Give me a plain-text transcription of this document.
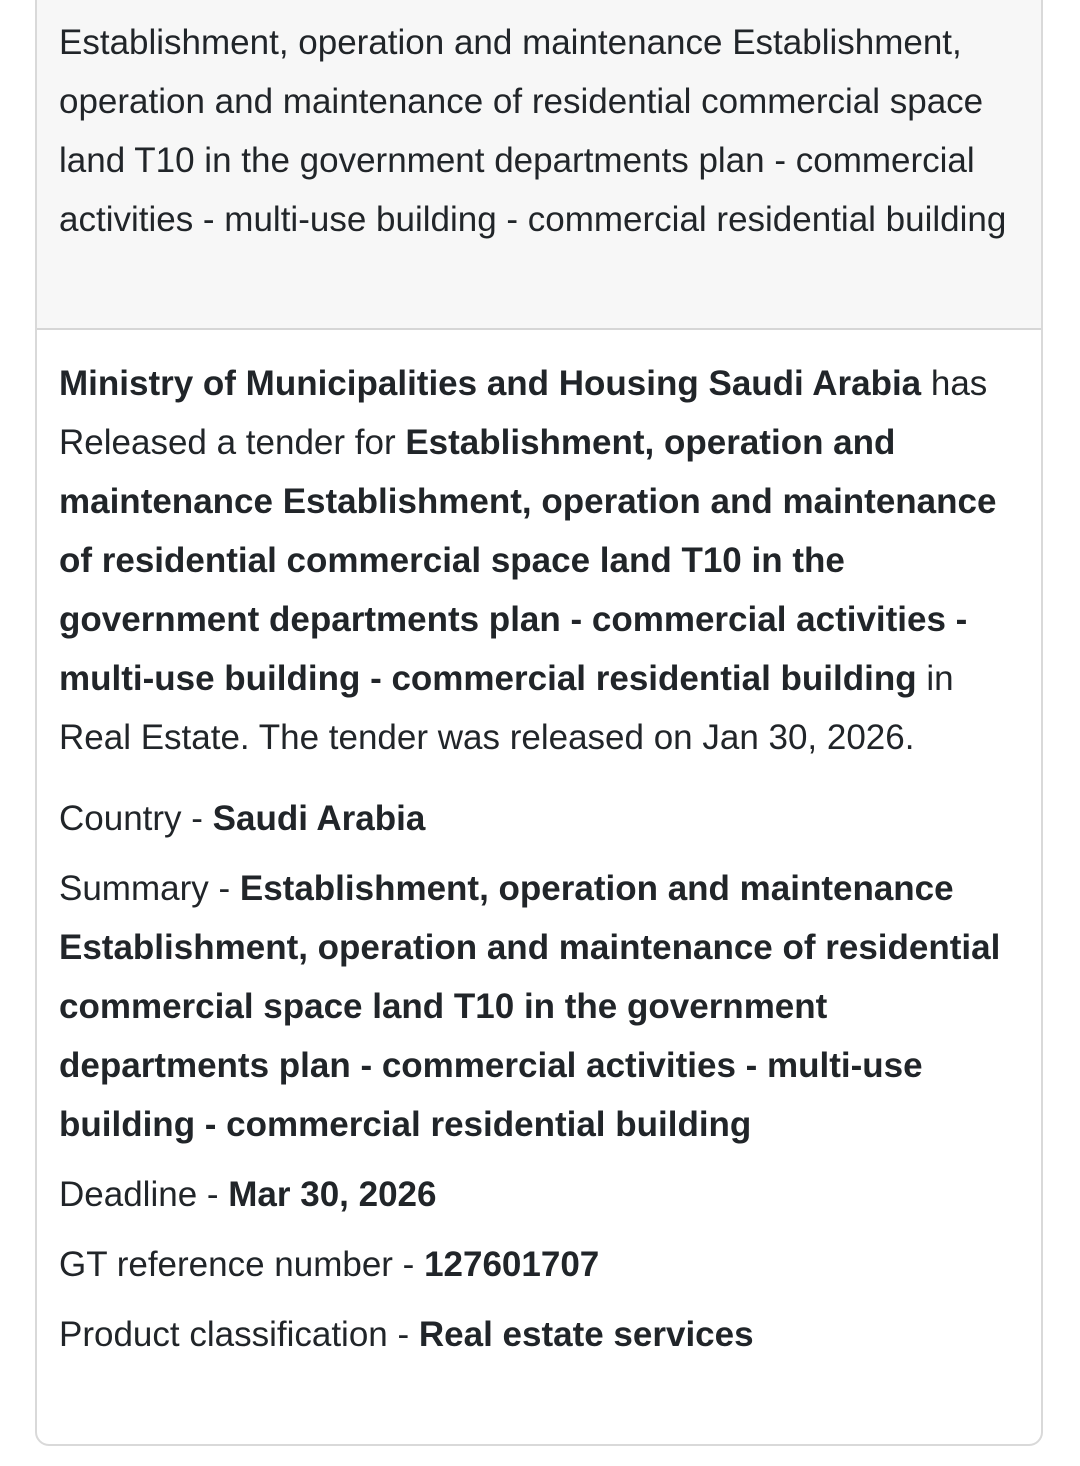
Establishment, operation and maintenance Establishment, operation and maintenance of residential commercial space land T10 in the government departments plan - commercial activities - multi-use building - commercial residential building

Ministry of Municipalities and Housing Saudi Arabia has Released a tender for Establishment, operation and maintenance Establishment, operation and maintenance of residential commercial space land T10 in the government departments plan - commercial activities - multi-use building - commercial residential building in Real Estate. The tender was released on Jan 30, 2026.

Country - Saudi Arabia
Summary - Establishment, operation and maintenance Establishment, operation and maintenance of residential commercial space land T10 in the government departments plan - commercial activities - multi-use building - commercial residential building
Deadline - Mar 30, 2026
GT reference number - 127601707
Product classification - Real estate services
